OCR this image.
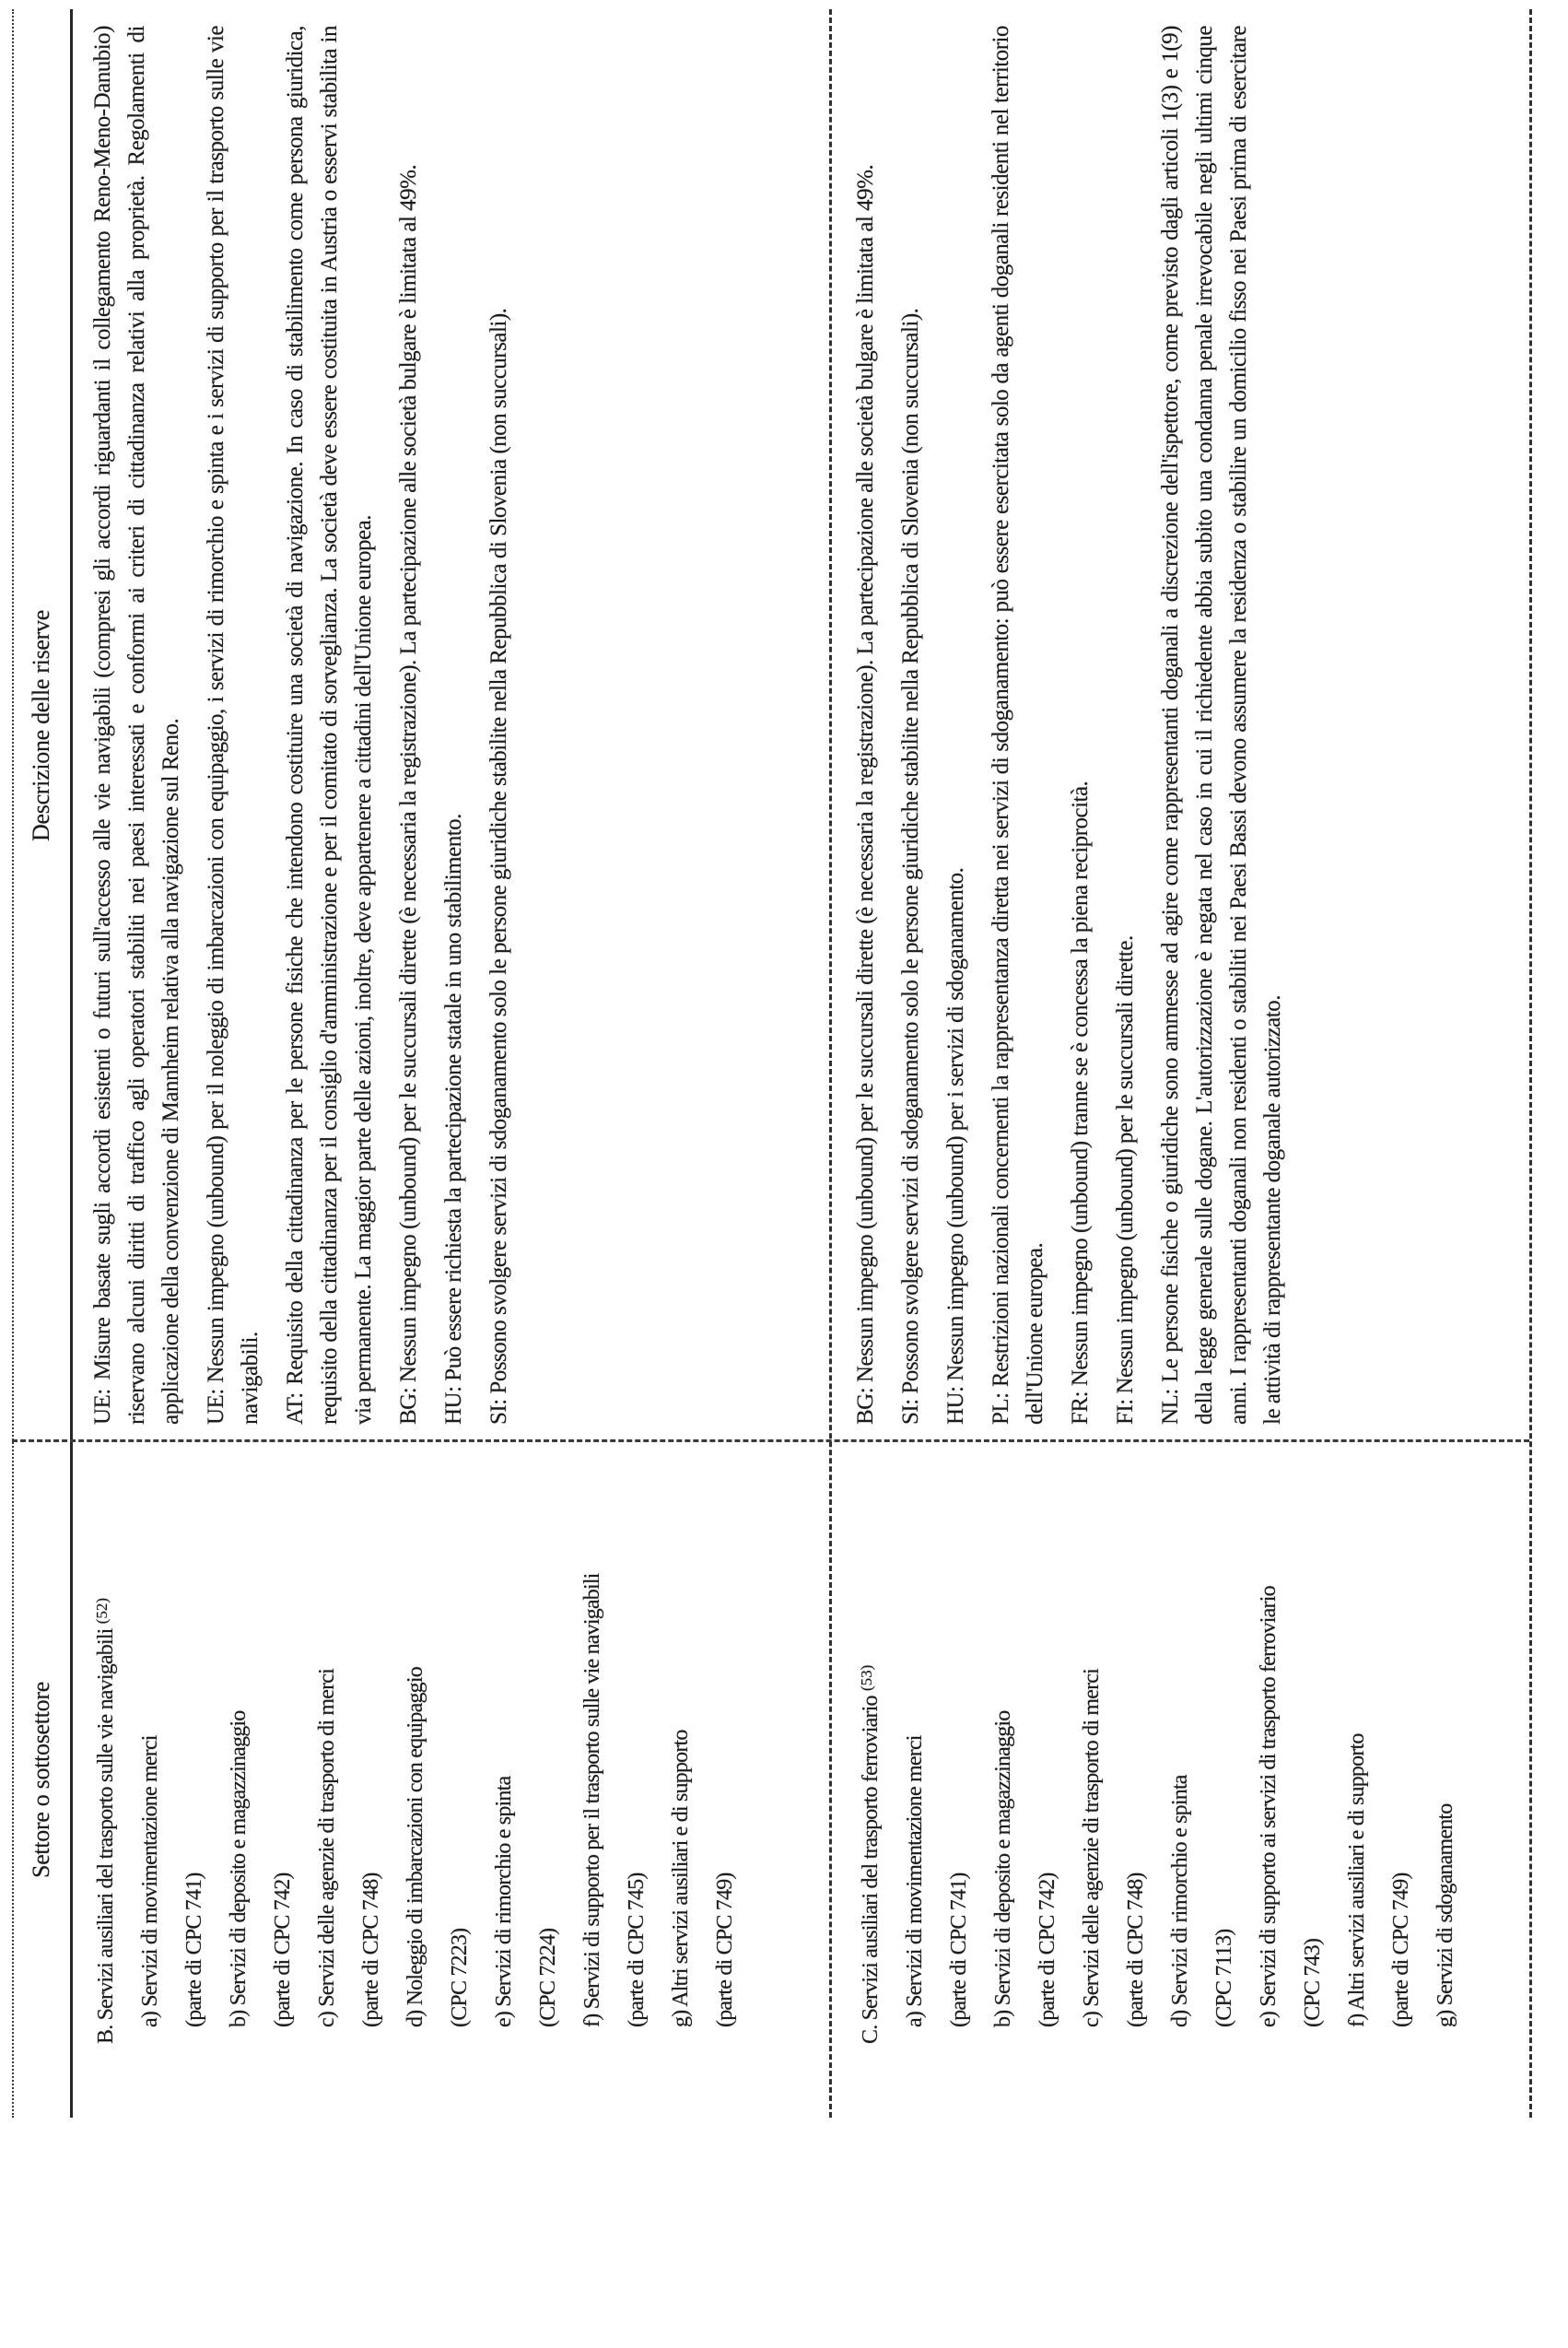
Settore o sottosettore
Descrizione delle riserve
B. Servizi ausiliari del trasporto sulle vie navigabili $^{(52)}$
a) Servizi di movimentazione merci (parte di CPC 741) b) Servizi di deposito e magazzinaggio (parte di CPC 742) c) Servizi delle agenzie di trasporto di merci (parte di CPC 748) d) Noleggio di imbarcazioni con equipaggio (CPC 7223) e) Servizi di rimorchio e spinta (CPC 7224) f) Servizi di supporto per il trasporto sulle vie navigabili (parte di CPC 745) g) Altri servizi ausiliari e di supporto (parte di CPC 749)

UE: Misure basate sugli accordi esistenti o futuri sull'accesso alle vie navigabili (compresi gli accordi riguardanti il collegamento Reno-Meno-Danubio) riservano alcuni diritti di traffico agli operatori stabiliti nei paesi interessati e conformi ai criteri di cittadinanza relativi alla proprietà. Regolamenti di applicazione della convenzione di Mannheim relativa alla navigazione sul Reno. UE: Nessun impegno (unbound) per il noleggio di imbarcazioni con equipaggio, i servizi di rimorchio e spinta e i servizi di supporto per il trasporto sulle vie navigabili. AT: Requisito della cittadinanza per le persone fisiche che intendono costituire una società di navigazione. In caso di stabilimento come persona giuridica, requisito della cittadinanza per il consiglio d'amministrazione e per il comitato di sorveglianza. La società deve essere costituita in Austria o esservi stabilita in via permanente. La maggior parte delle azioni, inoltre, deve appartenere a cittadini dell'Unione europea. BG: Nessun impegno (unbound) per le succursali dirette (è necessaria la registrazione). La partecipazione alle società bulgare è limitata al 49%. HU: Può essere richiesta la partecipazione statale in uno stabilimento. SI: Possono svolgere servizi di sdoganamento solo le persone giuridiche stabilite nella Repubblica di Slovenia (non succursali).

C. Servizi ausiliari del trasporto ferroviario $^{(53)}$
a) Servizi di movimentazione merci (parte di CPC 741) b) Servizi di deposito e magazzinaggio (parte di CPC 742) c) Servizi delle agenzie di trasporto di merci (parte di CPC 748) d) Servizi di rimorchio e spinta (CPC 7113) e) Servizi di supporto ai servizi di trasporto ferroviario (CPC 743) f) Altri servizi ausiliari e di supporto (parte di CPC 749) g) Servizi di sdoganamento

BG: Nessun impegno (unbound) per le succursali dirette (è necessaria la registrazione). La partecipazione alle società bulgare è limitata al 49%. SI: Possono svolgere servizi di sdoganamento solo le persone giuridiche stabilite nella Repubblica di Slovenia (non succursali). HU: Nessun impegno (unbound) per i servizi di sdoganamento. PL: Restrizioni nazionali concernenti la rappresentanza diretta nei servizi di sdoganamento: può essere esercitata solo da agenti doganali residenti nel territorio dell'Unione europea. FR: Nessun impegno (unbound) tranne se è concessa la piena reciprocità. FI: Nessun impegno (unbound) per le succursali dirette. NL: Le persone fisiche o giuridiche sono ammesse ad agire come rappresentanti doganali a discrezione dell'ispettore, come previsto dagli articoli 1(3) e 1(9) della legge generale sulle dogane. L'autorizzazione è negata nel caso in cui il richiedente abbia subito una condanna penale irrevocabile negli ultimi cinque anni. I rappresentanti doganali non residenti o stabiliti nei Paesi Bassi devono assumere la residenza o stabilire un domicilio fisso nei Paesi prima di esercitare le attività di rappresentante doganale autorizzato.
